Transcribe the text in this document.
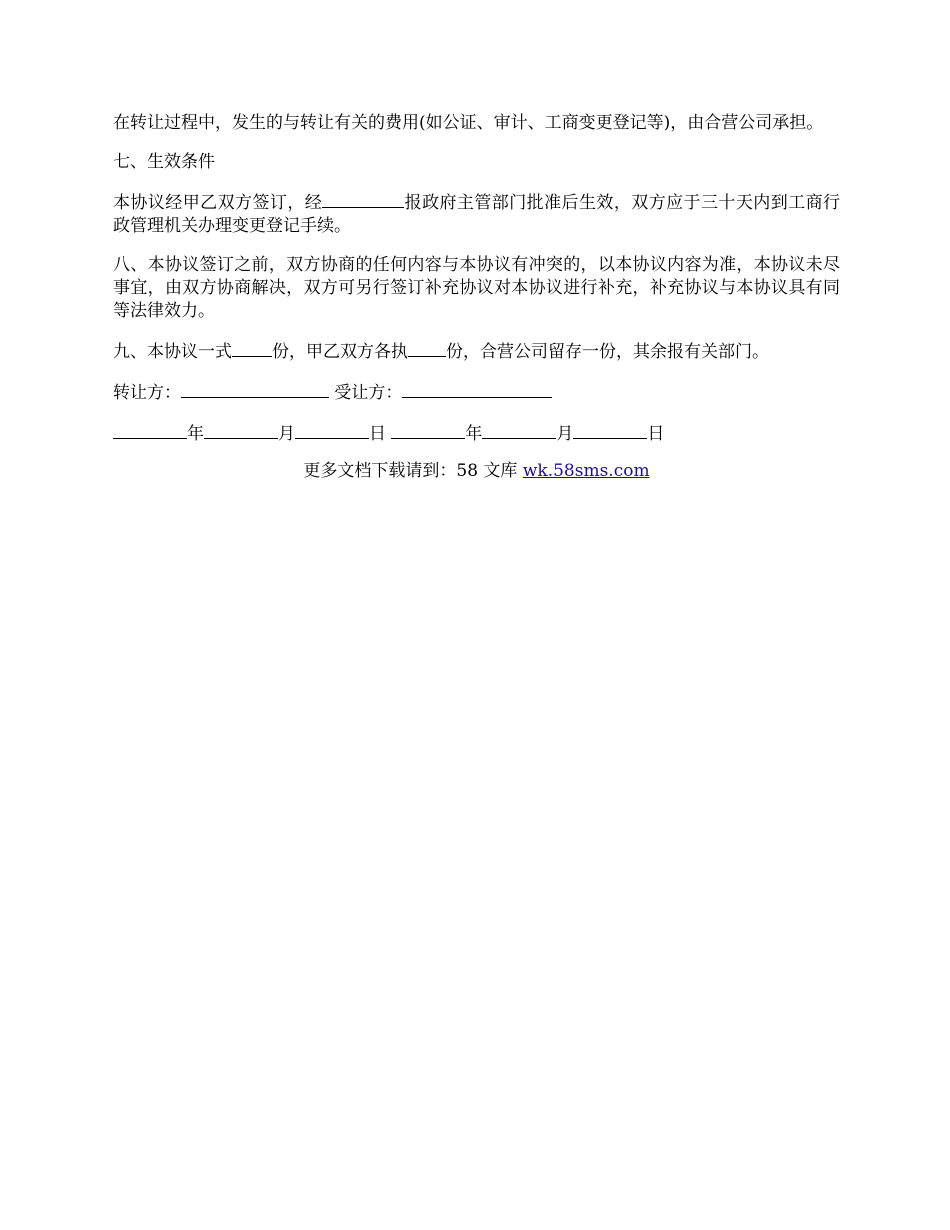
在转让过程中，发生的与转让有关的费用(如公证、审计、工商变更登记等)，由合营公司承担。

七、生效条件

本协议经甲乙双方签订，经	报政府主管部门批准后生效，双方应于三十天内到工商行政管理机关办理变更登记手续。

八、本协议签订之前，双方协商的任何内容与本协议有冲突的，以本协议内容为准，本协议未尽事宜，由双方协商解决，双方可另行签订补充协议对本协议进行补充，补充协议与本协议具有同等法律效力。

九、本协议一式 份，甲乙双方各执 份，合营公司留存一份，其余报有关部门。

转让方：	受让方：

年	月	日	年	月	日

更多文档下载请到：58 文库 wk.58sms.com
